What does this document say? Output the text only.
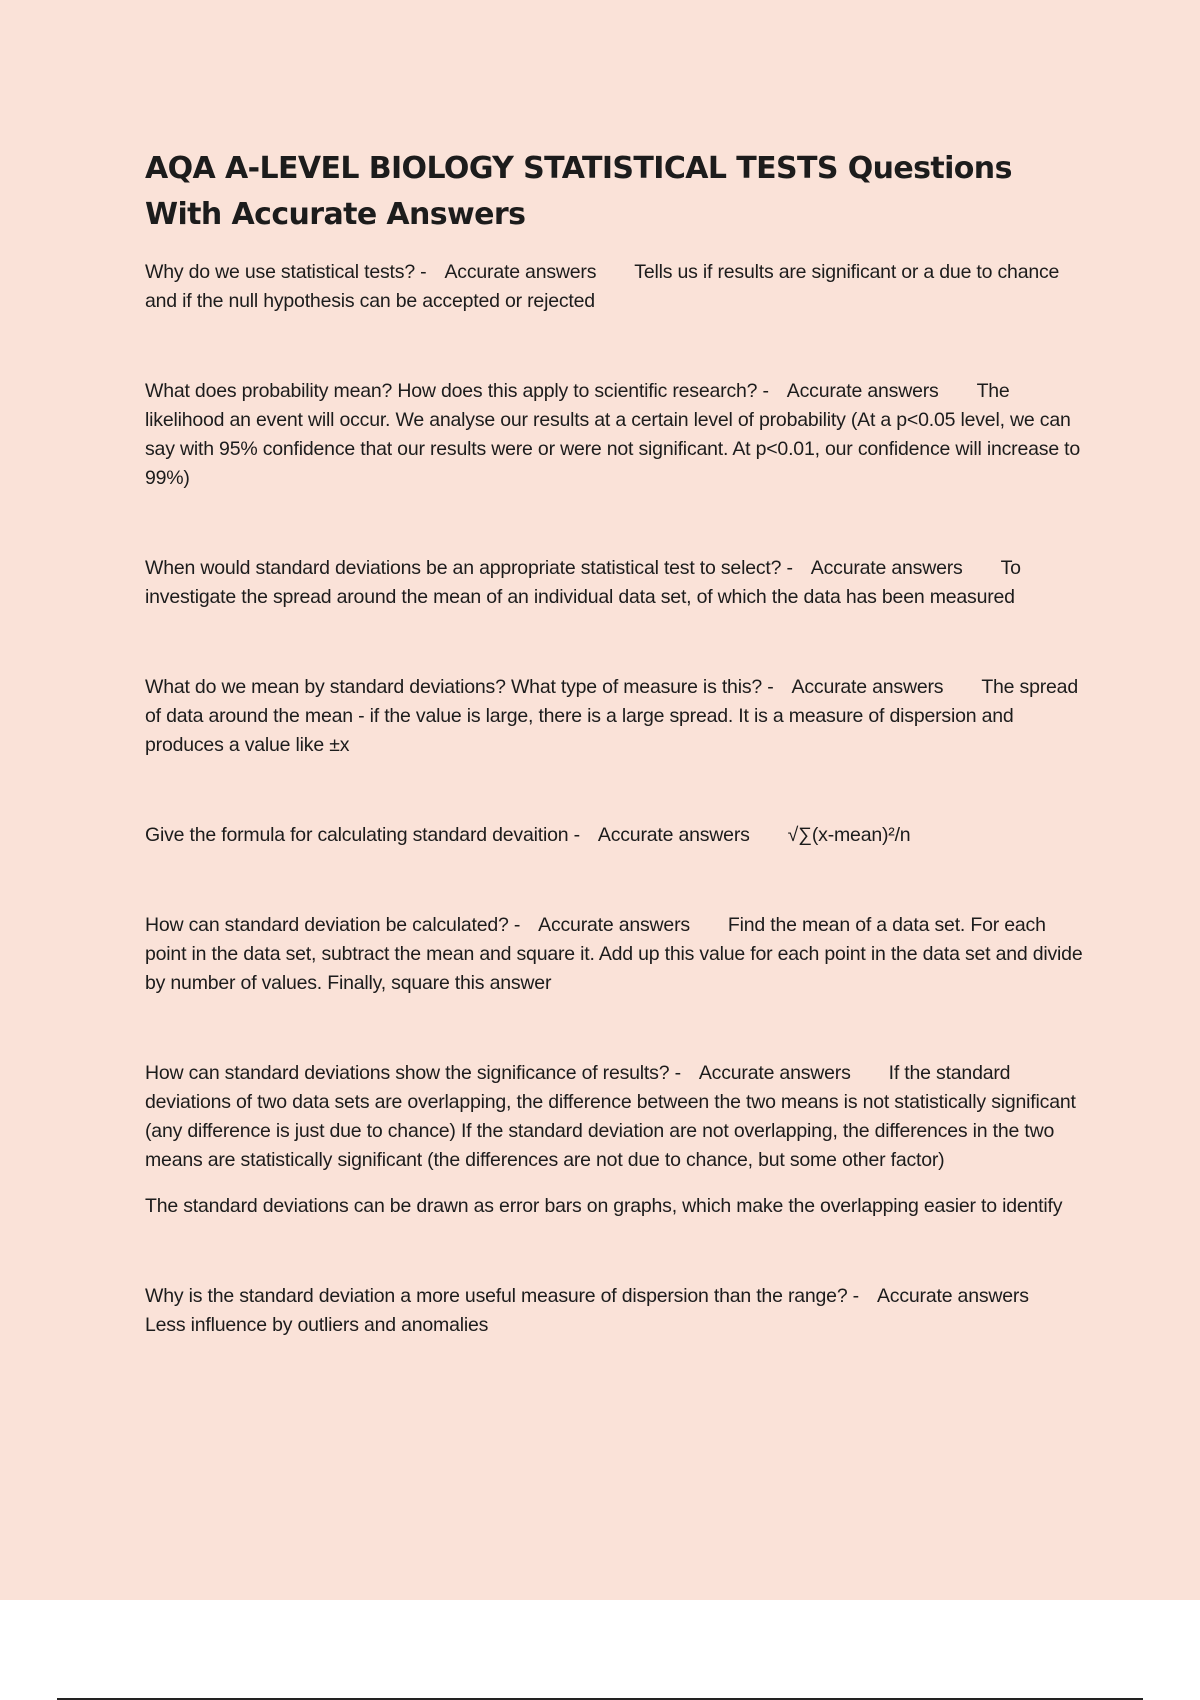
AQA A-LEVEL BIOLOGY STATISTICAL TESTS Questions With Accurate Answers

Why do we use statistical tests? - Accurate answers Tells us if results are significant or a due to chance and if the null hypothesis can be accepted or rejected

What does probability mean? How does this apply to scientific research? - Accurate answers The likelihood an event will occur. We analyse our results at a certain level of probability (At a p<0.05 level, we can say with 95% confidence that our results were or were not significant. At p<0.01, our confidence will increase to 99%)

When would standard deviations be an appropriate statistical test to select? - Accurate answers To investigate the spread around the mean of an individual data set, of which the data has been measured

What do we mean by standard deviations? What type of measure is this? - Accurate answers The spread of data around the mean - if the value is large, there is a large spread. It is a measure of dispersion and produces a value like ±x

Give the formula for calculating standard devaition - Accurate answers √∑(x-mean)²/n

How can standard deviation be calculated? - Accurate answers Find the mean of a data set. For each point in the data set, subtract the mean and square it. Add up this value for each point in the data set and divide by number of values. Finally, square this answer

How can standard deviations show the significance of results? - Accurate answers If the standard deviations of two data sets are overlapping, the difference between the two means is not statistically significant (any difference is just due to chance) If the standard deviation are not overlapping, the differences in the two means are statistically significant (the differences are not due to chance, but some other factor)

The standard deviations can be drawn as error bars on graphs, which make the overlapping easier to identify

Why is the standard deviation a more useful measure of dispersion than the range? - Accurate answersLess influence by outliers and anomalies
